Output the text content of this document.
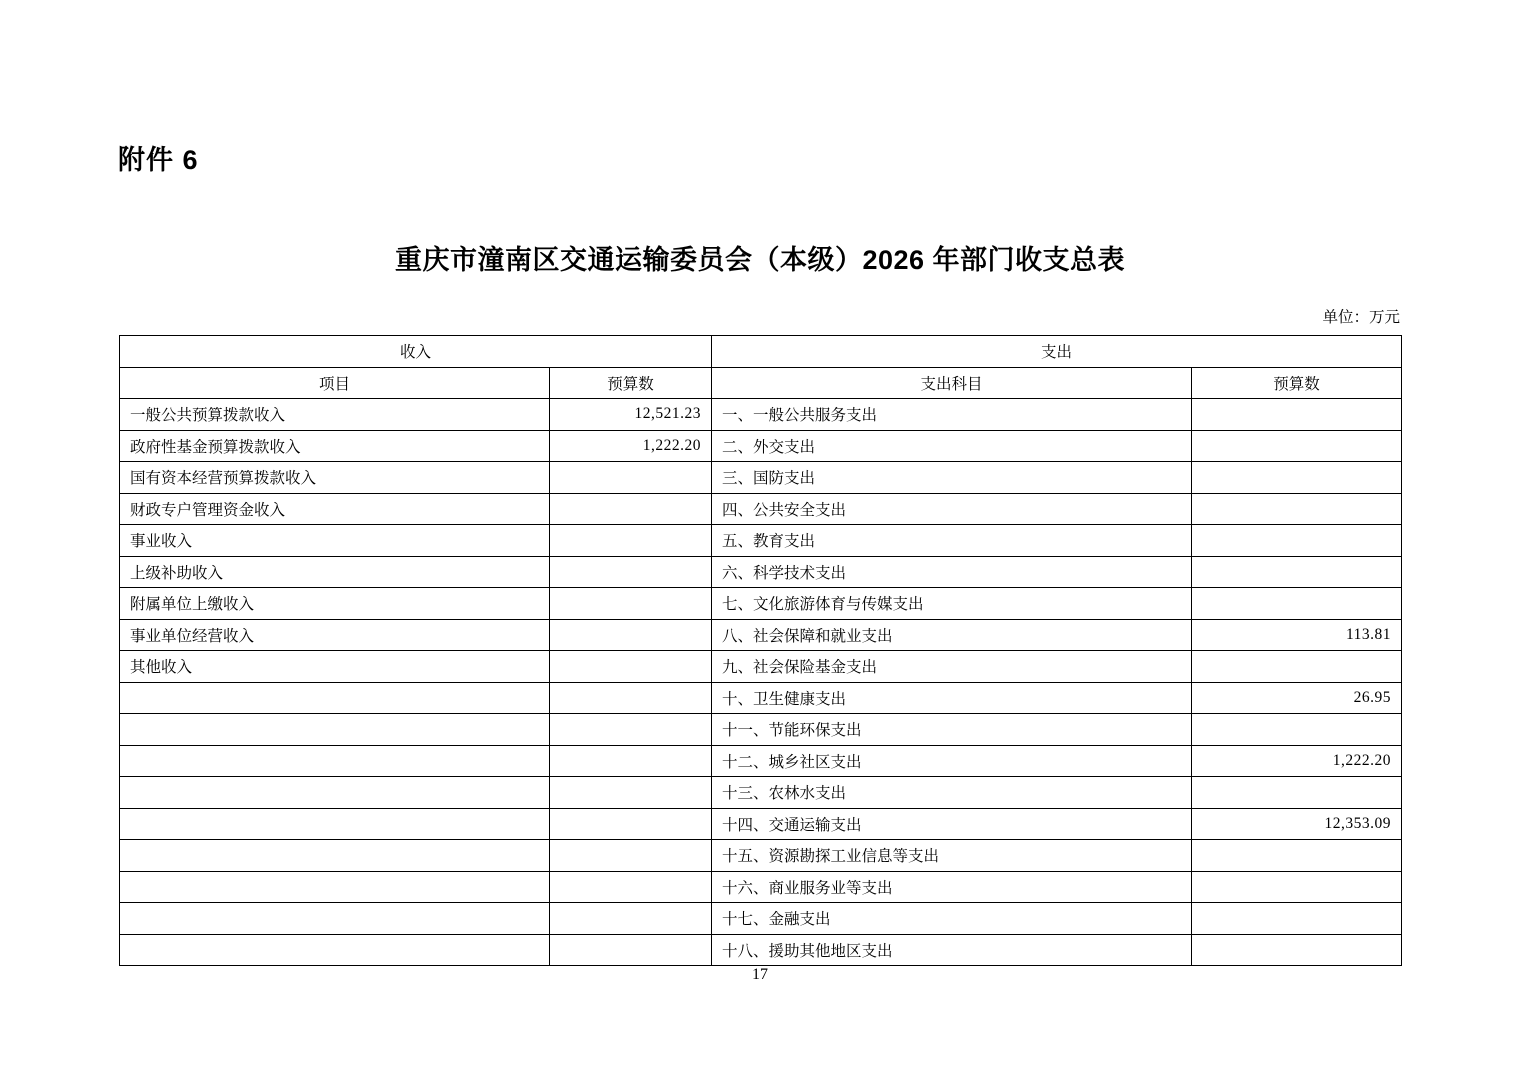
附件 6
重庆市潼南区交通运输委员会（本级）2026 年部门收支总表
单位：万元
收入		支出	
项目	预算数	支出科目	预算数
一般公共预算拨款收入	12,521.23	一、一般公共服务支出	
政府性基金预算拨款收入	1,222.20	二、外交支出	
国有资本经营预算拨款收入		三、国防支出	
财政专户管理资金收入		四、公共安全支出	
事业收入		五、教育支出	
上级补助收入		六、科学技术支出	
附属单位上缴收入		七、文化旅游体育与传媒支出	
事业单位经营收入		八、社会保障和就业支出	113.81
其他收入		九、社会保险基金支出	
		十、卫生健康支出	26.95
		十一、节能环保支出	
		十二、城乡社区支出	1,222.20
		十三、农林水支出	
		十四、交通运输支出	12,353.09
		十五、资源勘探工业信息等支出	
		十六、商业服务业等支出	
		十七、金融支出	
		十八、援助其他地区支出	
17
